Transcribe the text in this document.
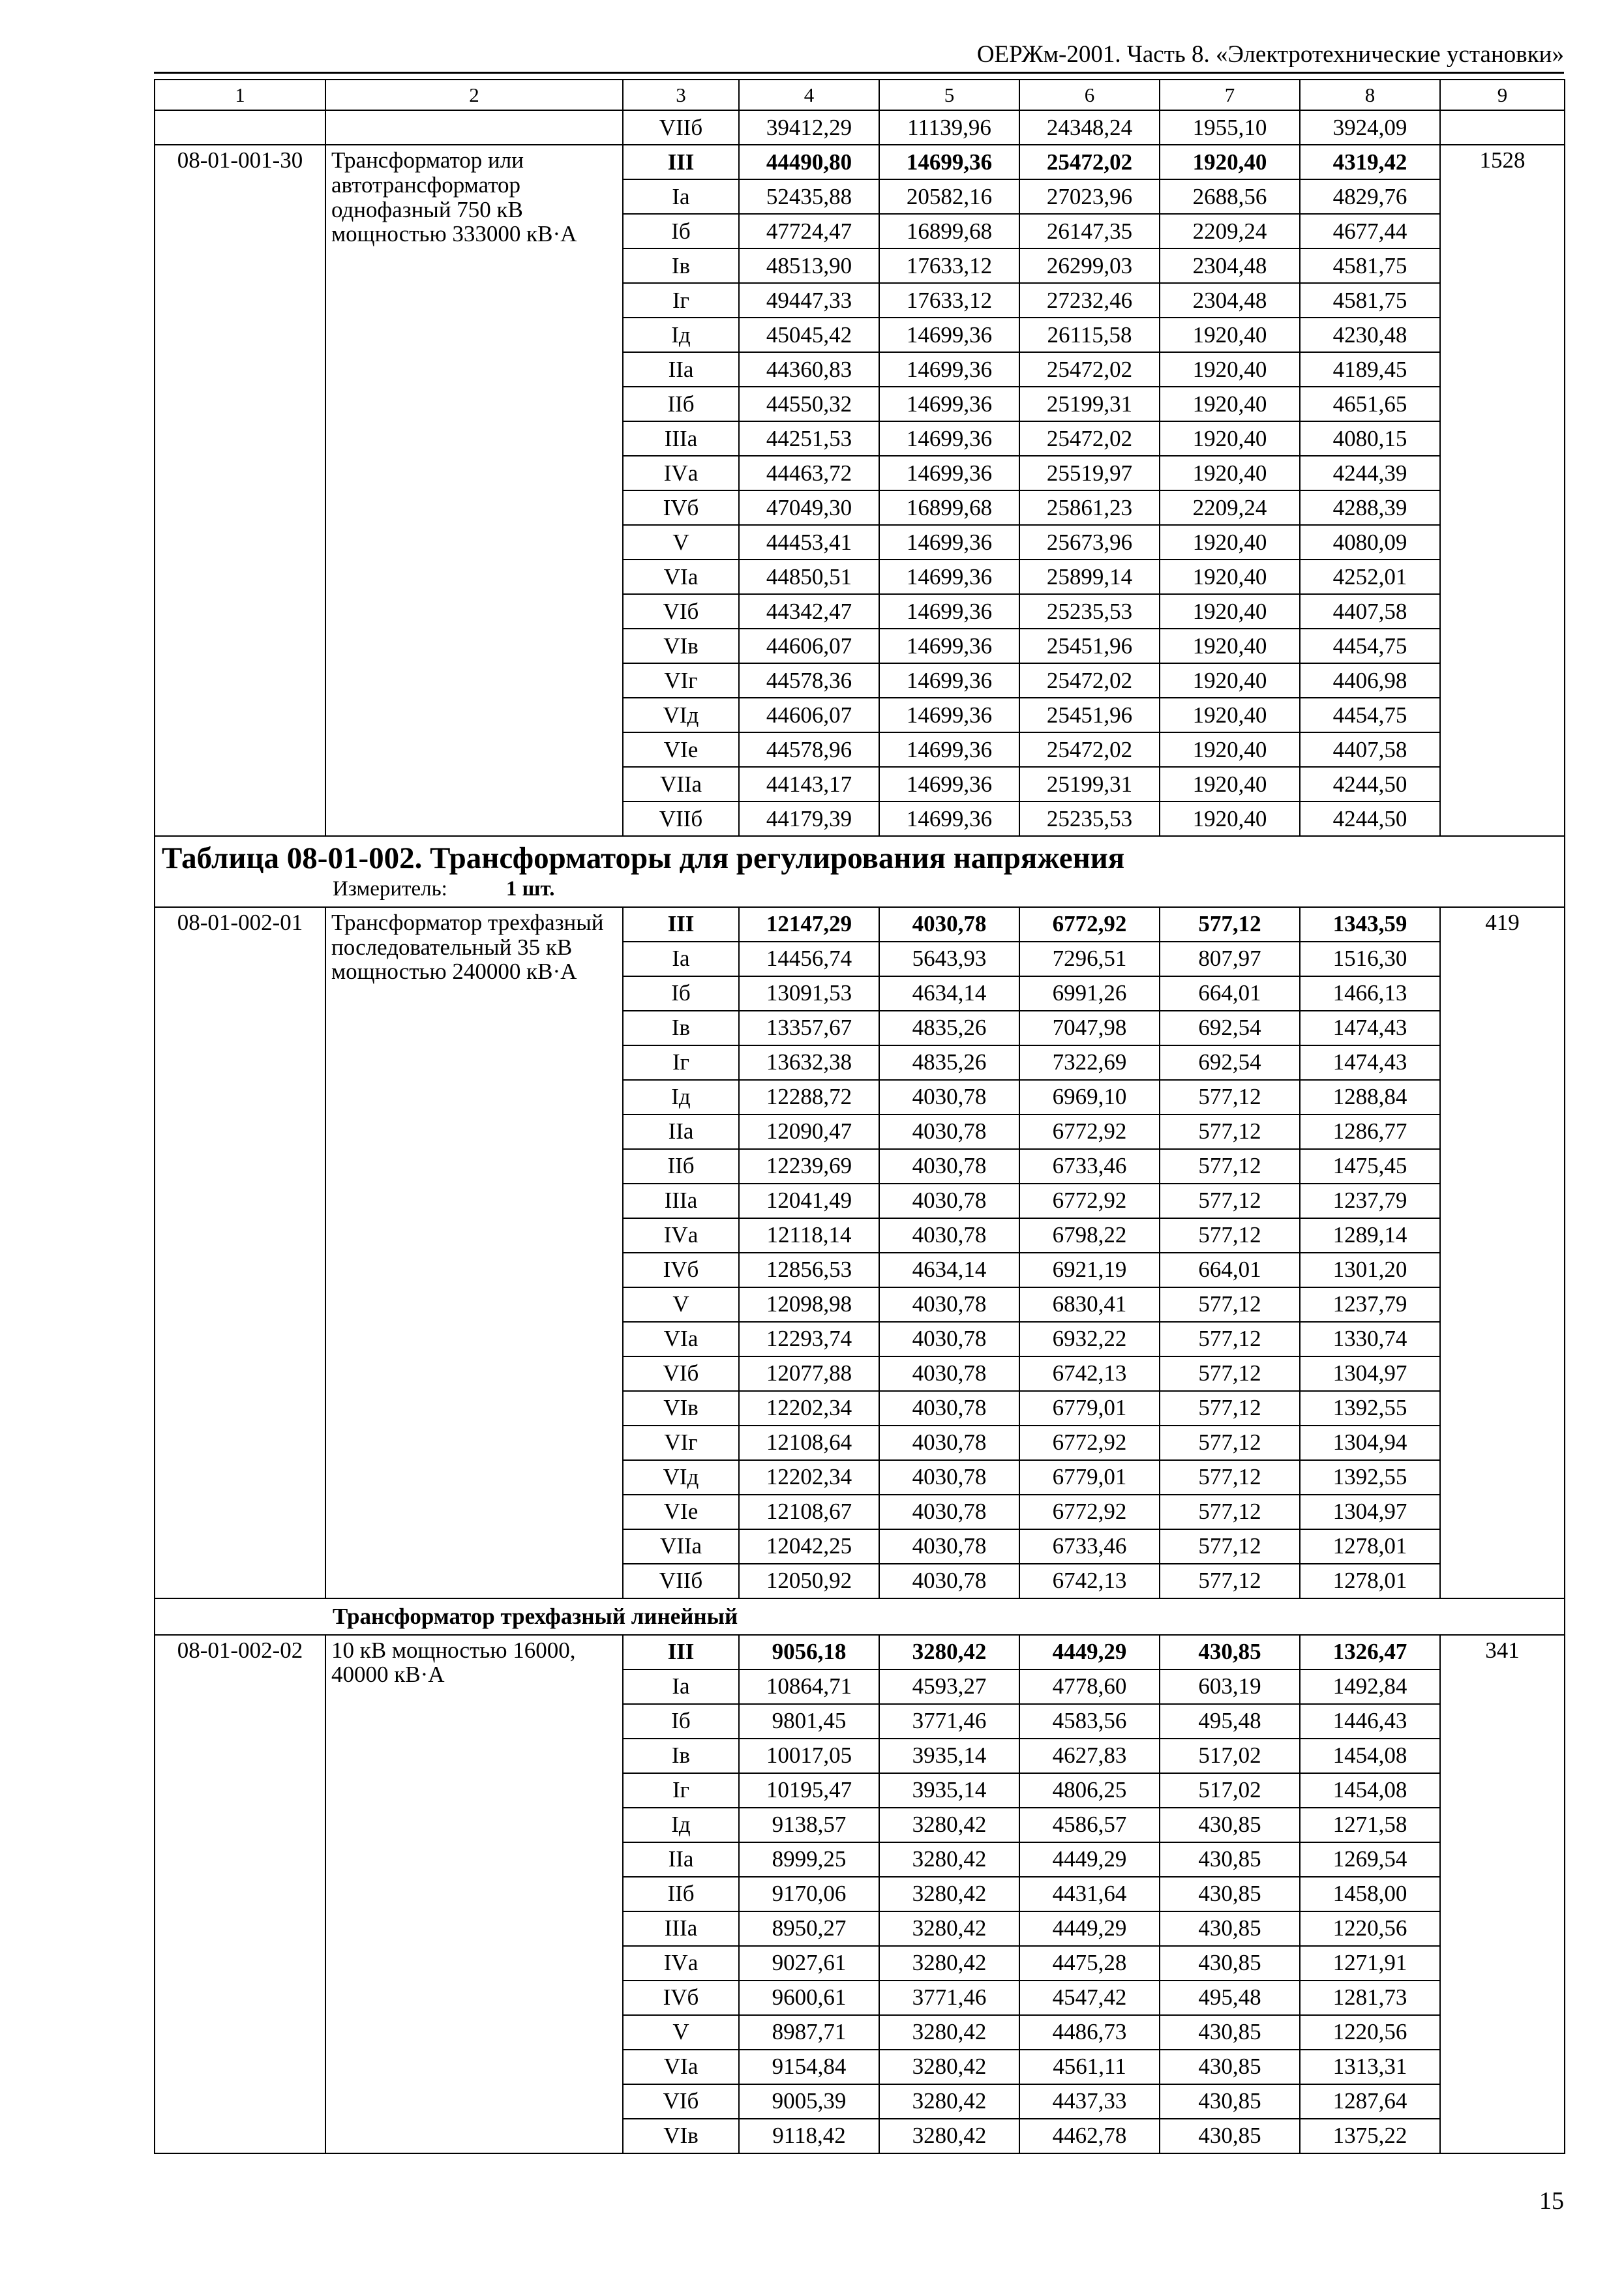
ОЕРЖм-2001. Часть 8. «Электротехнические установки»
1	2	3	4	5	6	7	8	9
		VIIб	39412,29	11139,96	24348,24	1955,10	3924,09	
08-01-001-30	Трансформатор или автотрансформатор однофазный 750 кВ мощностью 333000 кВ·А	III	44490,80	14699,36	25472,02	1920,40	4319,42	1528
		Iа	52435,88	20582,16	27023,96	2688,56	4829,76	
		Iб	47724,47	16899,68	26147,35	2209,24	4677,44	
		Iв	48513,90	17633,12	26299,03	2304,48	4581,75	
		Iг	49447,33	17633,12	27232,46	2304,48	4581,75	
		Iд	45045,42	14699,36	26115,58	1920,40	4230,48	
		IIа	44360,83	14699,36	25472,02	1920,40	4189,45	
		IIб	44550,32	14699,36	25199,31	1920,40	4651,65	
		IIIа	44251,53	14699,36	25472,02	1920,40	4080,15	
		IVа	44463,72	14699,36	25519,97	1920,40	4244,39	
		IVб	47049,30	16899,68	25861,23	2209,24	4288,39	
		V	44453,41	14699,36	25673,96	1920,40	4080,09	
		VIа	44850,51	14699,36	25899,14	1920,40	4252,01	
		VIб	44342,47	14699,36	25235,53	1920,40	4407,58	
		VIв	44606,07	14699,36	25451,96	1920,40	4454,75	
		VIг	44578,36	14699,36	25472,02	1920,40	4406,98	
		VIд	44606,07	14699,36	25451,96	1920,40	4454,75	
		VIе	44578,96	14699,36	25472,02	1920,40	4407,58	
		VIIа	44143,17	14699,36	25199,31	1920,40	4244,50	
		VIIб	44179,39	14699,36	25235,53	1920,40	4244,50	

Таблица 08-01-002. Трансформаторы для регулирования напряжения
Измеритель: 1 шт.								

08-01-002-01	Трансформатор трехфазный последовательный 35 кВ мощностью 240000 кВ·А	III	12147,29	4030,78	6772,92	577,12	1343,59	419
		Iа	14456,74	5643,93	7296,51	807,97	1516,30	
		Iб	13091,53	4634,14	6991,26	664,01	1466,13	
		Iв	13357,67	4835,26	7047,98	692,54	1474,43	
		Iг	13632,38	4835,26	7322,69	692,54	1474,43	
		Iд	12288,72	4030,78	6969,10	577,12	1288,84	
		IIа	12090,47	4030,78	6772,92	577,12	1286,77	
		IIб	12239,69	4030,78	6733,46	577,12	1475,45	
		IIIа	12041,49	4030,78	6772,92	577,12	1237,79	
		IVа	12118,14	4030,78	6798,22	577,12	1289,14	
		IVб	12856,53	4634,14	6921,19	664,01	1301,20	
		V	12098,98	4030,78	6830,41	577,12	1237,79	
		VIа	12293,74	4030,78	6932,22	577,12	1330,74	
		VIб	12077,88	4030,78	6742,13	577,12	1304,97	
		VIв	12202,34	4030,78	6779,01	577,12	1392,55	
		VIг	12108,64	4030,78	6772,92	577,12	1304,94	
		VIд	12202,34	4030,78	6779,01	577,12	1392,55	
		VIе	12108,67	4030,78	6772,92	577,12	1304,97	
		VIIа	12042,25	4030,78	6733,46	577,12	1278,01	
		VIIб	12050,92	4030,78	6742,13	577,12	1278,01	

Трансформатор трехфазный линейный								

08-01-002-02	10 кВ мощностью 16000, 40000 кВ·А	III	9056,18	3280,42	4449,29	430,85	1326,47	341
		Iа	10864,71	4593,27	4778,60	603,19	1492,84	
		Iб	9801,45	3771,46	4583,56	495,48	1446,43	
		Iв	10017,05	3935,14	4627,83	517,02	1454,08	
		Iг	10195,47	3935,14	4806,25	517,02	1454,08	
		Iд	9138,57	3280,42	4586,57	430,85	1271,58	
		IIа	8999,25	3280,42	4449,29	430,85	1269,54	
		IIб	9170,06	3280,42	4431,64	430,85	1458,00	
		IIIа	8950,27	3280,42	4449,29	430,85	1220,56	
		IVа	9027,61	3280,42	4475,28	430,85	1271,91	
		IVб	9600,61	3771,46	4547,42	495,48	1281,73	
		V	8987,71	3280,42	4486,73	430,85	1220,56	
		VIа	9154,84	3280,42	4561,11	430,85	1313,31	
		VIб	9005,39	3280,42	4437,33	430,85	1287,64	
		VIв	9118,42	3280,42	4462,78	430,85	1375,22	
15
